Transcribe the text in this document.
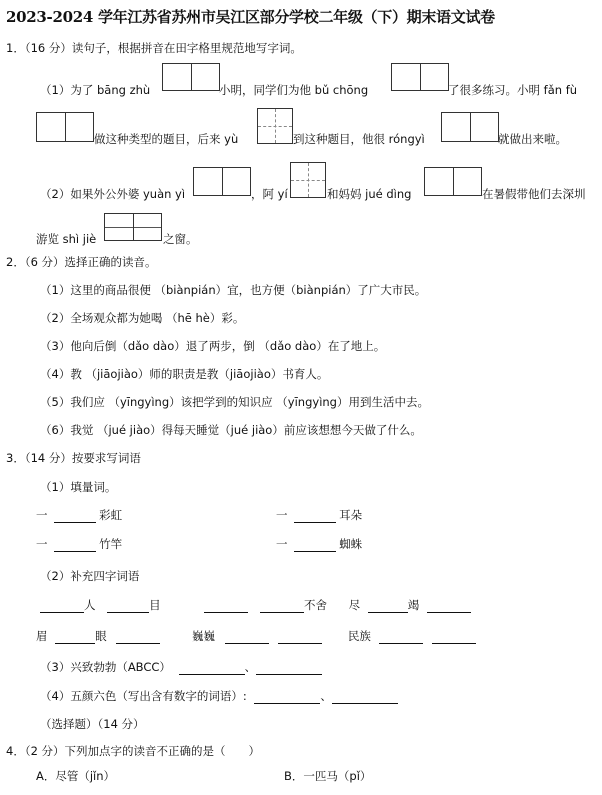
2023-2024 学年江苏省苏州市吴江区部分学校二年级（下）期末语文试卷
1．（16 分）读句子，根据拼音在田字格里规范地写字词。
（1）为了 bāng zhù	小明，同学们为他 bǔ chōng	了很多练习。小明 fǎn fù
做这种类型的题目，后来 yù	到这种题目，他很 róngyì	就做出来啦。
（2）如果外公外婆 yuàn yì	，阿 yí	和妈妈 jué dìng	在暑假带他们去深圳
游览 shì jiè	之窗。
2．（6 分）选择正确的读音。
（1）这里的商品很便 （biànpián）宜，也方便（biànpián）了广大市民。
（2）全场观众都为她喝 （hē hè）彩。
（3）他向后倒（dǎo dào）退了两步，倒 （dǎo dào）在了地上。
（4）教 （jiāojiào）师的职责是教（jiāojiào）书育人。
（5）我们应 （yīngyìng）该把学到的知识应 （yīngyìng）用到生活中去。
（6）我觉 （jué jiào）得每天睡觉（jué jiào）前应该想想今天做了什么。
3．（14 分）按要求写词语
（1）填量词。
一	彩虹	一	耳朵
一	竹竿	一	蜘蛛
（2）补充四字词语
人	目	不舍 尽	竭
眉	眼	巍巍	民族
（3）兴致勃勃（ABCC）	、
（4）五颜六色（写出含有数字的词语）:	、
（选择题）（14 分）
4．（2 分）下列加点字的读音不正确的是（　　）
A．尽管（jǐn）	B．一匹马（pǐ）
